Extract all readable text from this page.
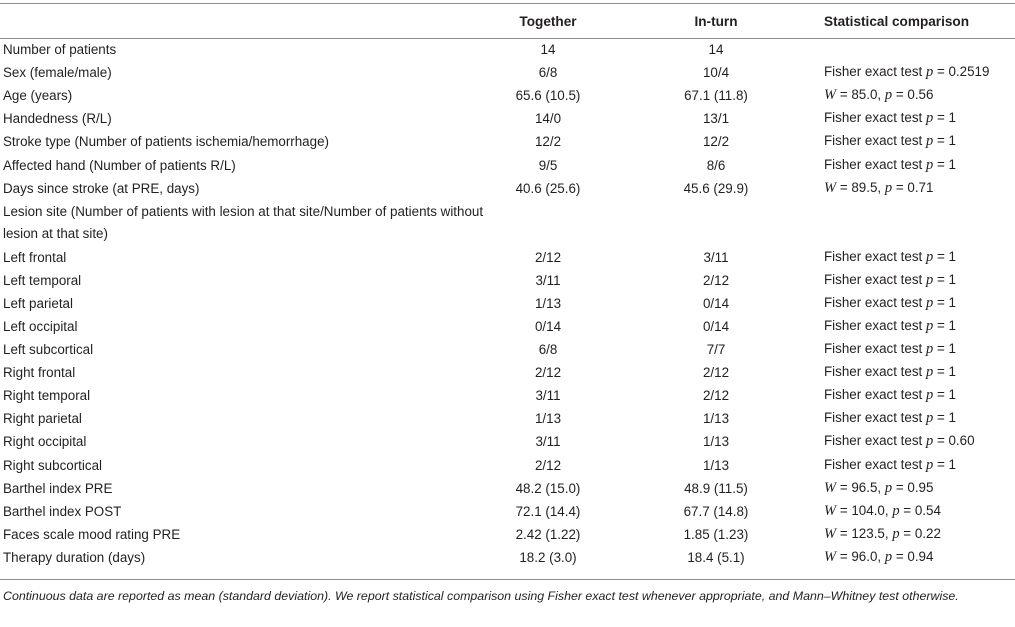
	Together	In-turn	Statistical comparison
Number of patients	14	14	
Sex (female/male)	6/8	10/4	Fisher exact test p = 0.2519
Age (years)	65.6 (10.5)	67.1 (11.8)	W = 85.0, p = 0.56
Handedness (R/L)	14/0	13/1	Fisher exact test p = 1
Stroke type (Number of patients ischemia/hemorrhage)	12/2	12/2	Fisher exact test p = 1
Affected hand (Number of patients R/L)	9/5	8/6	Fisher exact test p = 1
Days since stroke (at PRE, days)	40.6 (25.6)	45.6 (29.9)	W = 89.5, p = 0.71
Lesion site (Number of patients with lesion at that site/Number of patients without lesion at that site)			
Left frontal	2/12	3/11	Fisher exact test p = 1
Left temporal	3/11	2/12	Fisher exact test p = 1
Left parietal	1/13	0/14	Fisher exact test p = 1
Left occipital	0/14	0/14	Fisher exact test p = 1
Left subcortical	6/8	7/7	Fisher exact test p = 1
Right frontal	2/12	2/12	Fisher exact test p = 1
Right temporal	3/11	2/12	Fisher exact test p = 1
Right parietal	1/13	1/13	Fisher exact test p = 1
Right occipital	3/11	1/13	Fisher exact test p = 0.60
Right subcortical	2/12	1/13	Fisher exact test p = 1
Barthel index PRE	48.2 (15.0)	48.9 (11.5)	W = 96.5, p = 0.95
Barthel index POST	72.1 (14.4)	67.7 (14.8)	W = 104.0, p = 0.54
Faces scale mood rating PRE	2.42 (1.22)	1.85 (1.23)	W = 123.5, p = 0.22
Therapy duration (days)	18.2 (3.0)	18.4 (5.1)	W = 96.0, p = 0.94
Continuous data are reported as mean (standard deviation). We report statistical comparison using Fisher exact test whenever appropriate, and Mann–Whitney test otherwise.
